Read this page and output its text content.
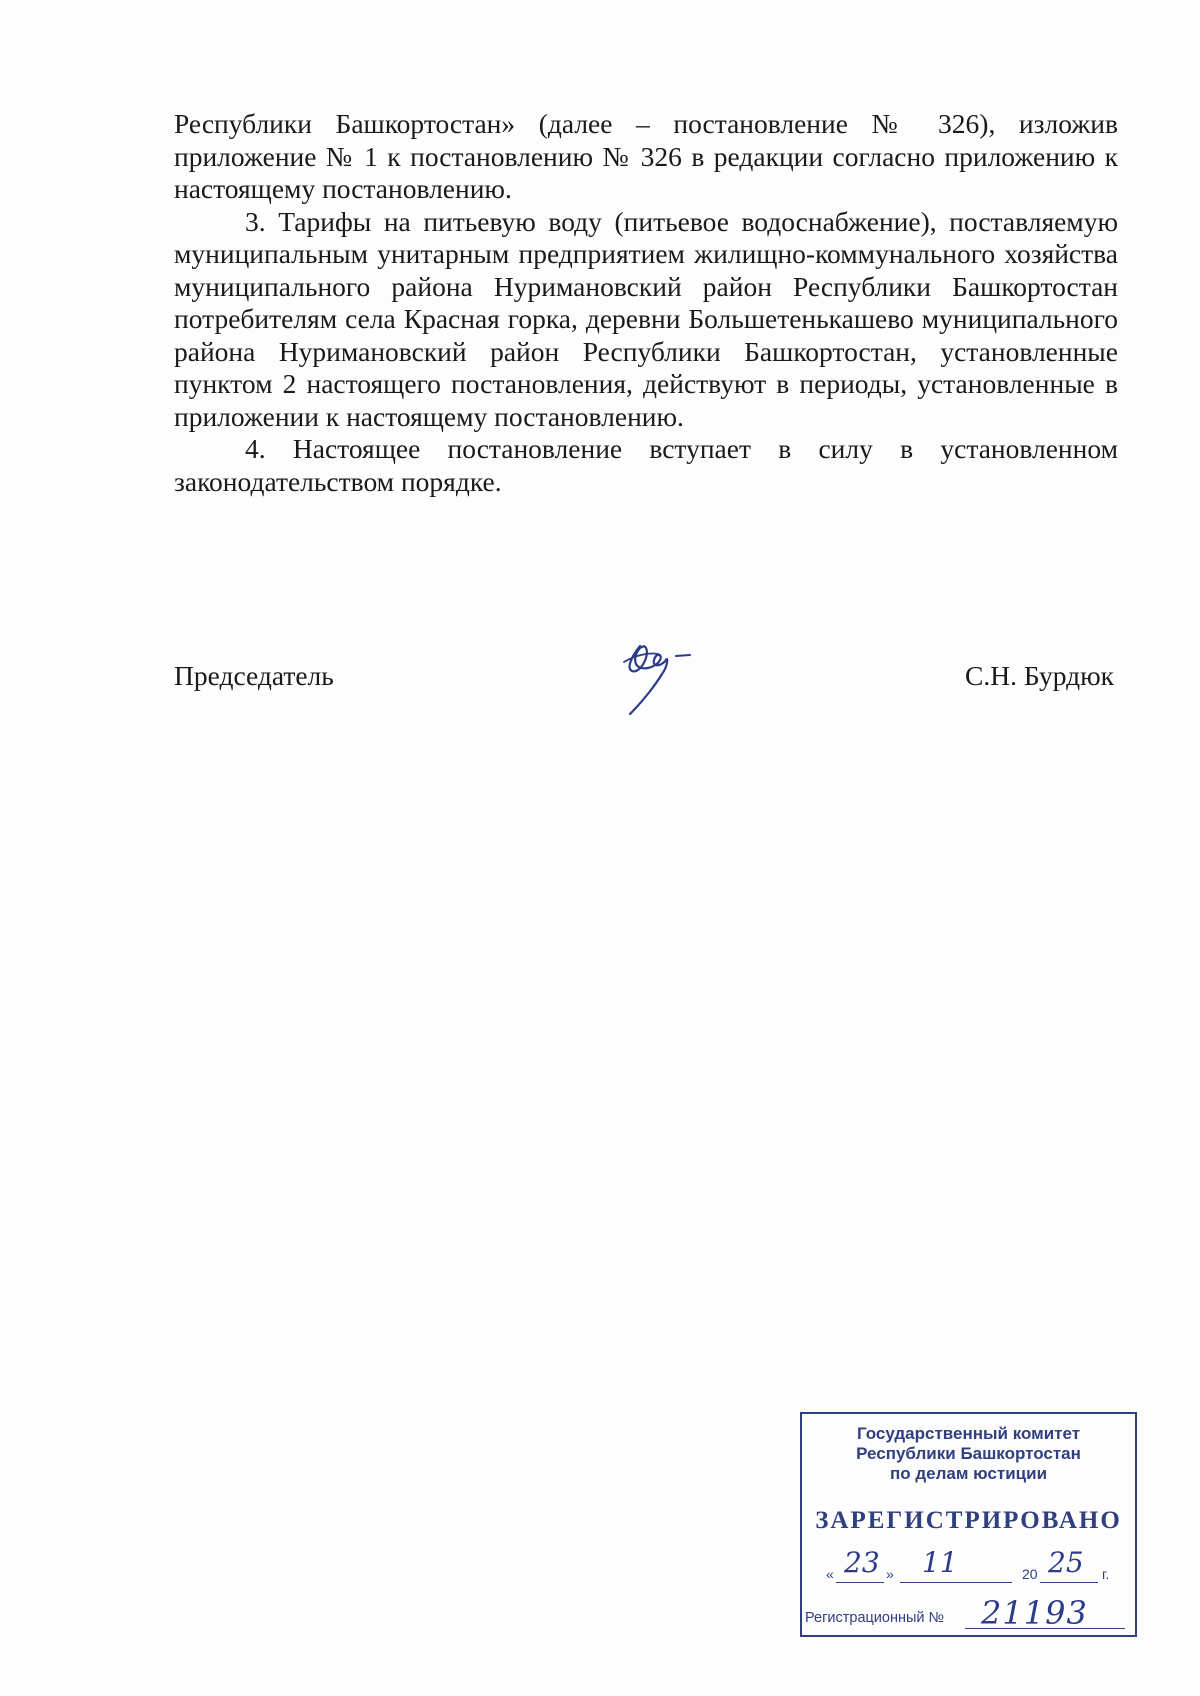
Республики Башкортостан» (далее – постановление № 326), изложив приложение № 1 к постановлению № 326 в редакции согласно приложению к настоящему постановлению.

3. Тарифы на питьевую воду (питьевое водоснабжение), поставляемую муниципальным унитарным предприятием жилищно-коммунального хозяйства муниципального района Нуримановский район Республики Башкортостан потребителям села Красная горка, деревни Большетенькашево муниципального района Нуримановский район Республики Башкортостан, установленные пунктом 2 настоящего постановления, действуют в периоды, установленные в приложении к настоящему постановлению.

4. Настоящее постановление вступает в силу в установленном законодательством порядке.

Председатель	С.Н. Бурдюк
Государственный комитет
Республики Башкортостан
по делам юстиции
ЗАРЕГИСТРИРОВАНО
« 23 » 11	20 25 г.
Регистрационный № 21193
